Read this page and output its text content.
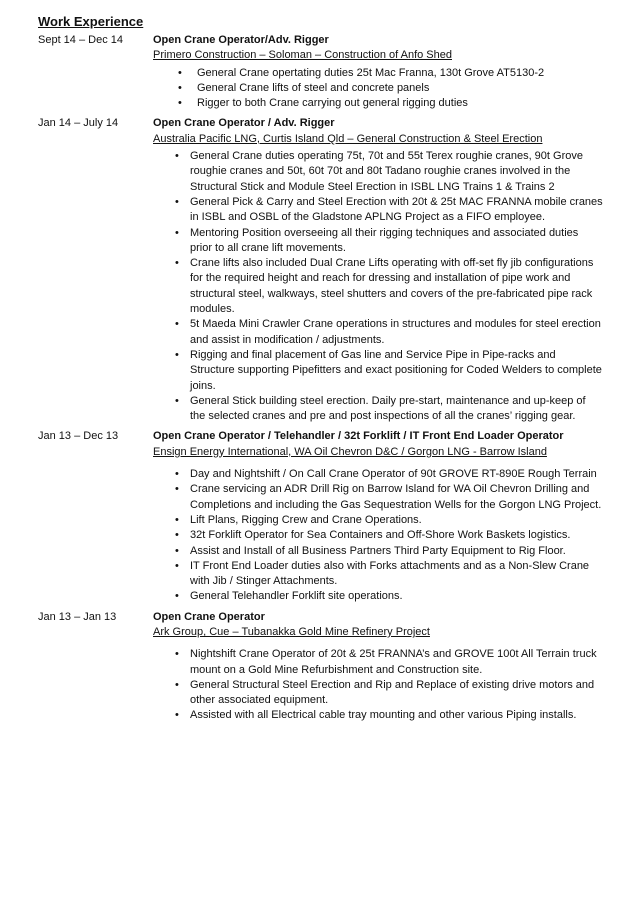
Work Experience
Sept 14 – Dec 14	Open Crane Operator/Adv. Rigger
Primero Construction – Soloman – Construction of Anfo Shed
• General Crane opertating duties 25t Mac Franna, 130t Grove AT5130-2
• General Crane lifts of steel and concrete panels
• Rigger to both Crane carrying out general rigging duties
Jan 14 – July 14	Open Crane Operator / Adv. Rigger
Australia Pacific LNG, Curtis Island Qld – General Construction & Steel Erection
• General Crane duties operating 75t, 70t and 55t Terex roughie cranes, 90t Grove roughie cranes and 50t, 60t 70t and 80t Tadano roughie cranes involved in the Structural Stick and Module Steel Erection in ISBL LNG Trains 1 & Trains 2
• General Pick & Carry and Steel Erection with 20t & 25t MAC FRANNA mobile cranes in ISBL and OSBL of the Gladstone APLNG Project as a FIFO employee.
• Mentoring Position overseeing all their rigging techniques and associated duties prior to all crane lift movements.
• Crane lifts also included Dual Crane Lifts operating with off-set fly jib configurations for the required height and reach for dressing and installation of pipe work and structural steel, walkways, steel shutters and covers of the pre-fabricated pipe rack modules.
• 5t Maeda Mini Crawler Crane operations in structures and modules for steel erection and assist in modification / adjustments.
• Rigging and final placement of Gas line and Service Pipe in Pipe-racks and Structure supporting Pipefitters and exact positioning for Coded Welders to complete joins.
• General Stick building steel erection. Daily pre-start, maintenance and up-keep of the selected cranes and pre and post inspections of all the cranes’ rigging gear.
Jan 13 – Dec 13	Open Crane Operator / Telehandler / 32t Forklift / IT Front End Loader Operator
Ensign Energy International, WA Oil Chevron D&C / Gorgon LNG - Barrow Island
• Day and Nightshift / On Call Crane Operator of 90t GROVE RT-890E Rough Terrain
• Crane servicing an ADR Drill Rig on Barrow Island for WA Oil Chevron Drilling and Completions and including the Gas Sequestration Wells for the Gorgon LNG Project.
• Lift Plans, Rigging Crew and Crane Operations.
• 32t Forklift Operator for Sea Containers and Off-Shore Work Baskets logistics.
• Assist and Install of all Business Partners Third Party Equipment to Rig Floor.
• IT Front End Loader duties also with Forks attachments and as a Non-Slew Crane with Jib / Stinger Attachments.
• General Telehandler Forklift site operations.
Jan 13 – Jan 13	Open Crane Operator
Ark Group, Cue – Tubanakka Gold Mine Refinery Project
• Nightshift Crane Operator of 20t & 25t FRANNA’s and GROVE 100t All Terrain truck mount on a Gold Mine Refurbishment and Construction site.
• General Structural Steel Erection and Rip and Replace of existing drive motors and other associated equipment.
• Assisted with all Electrical cable tray mounting and other various Piping installs.
